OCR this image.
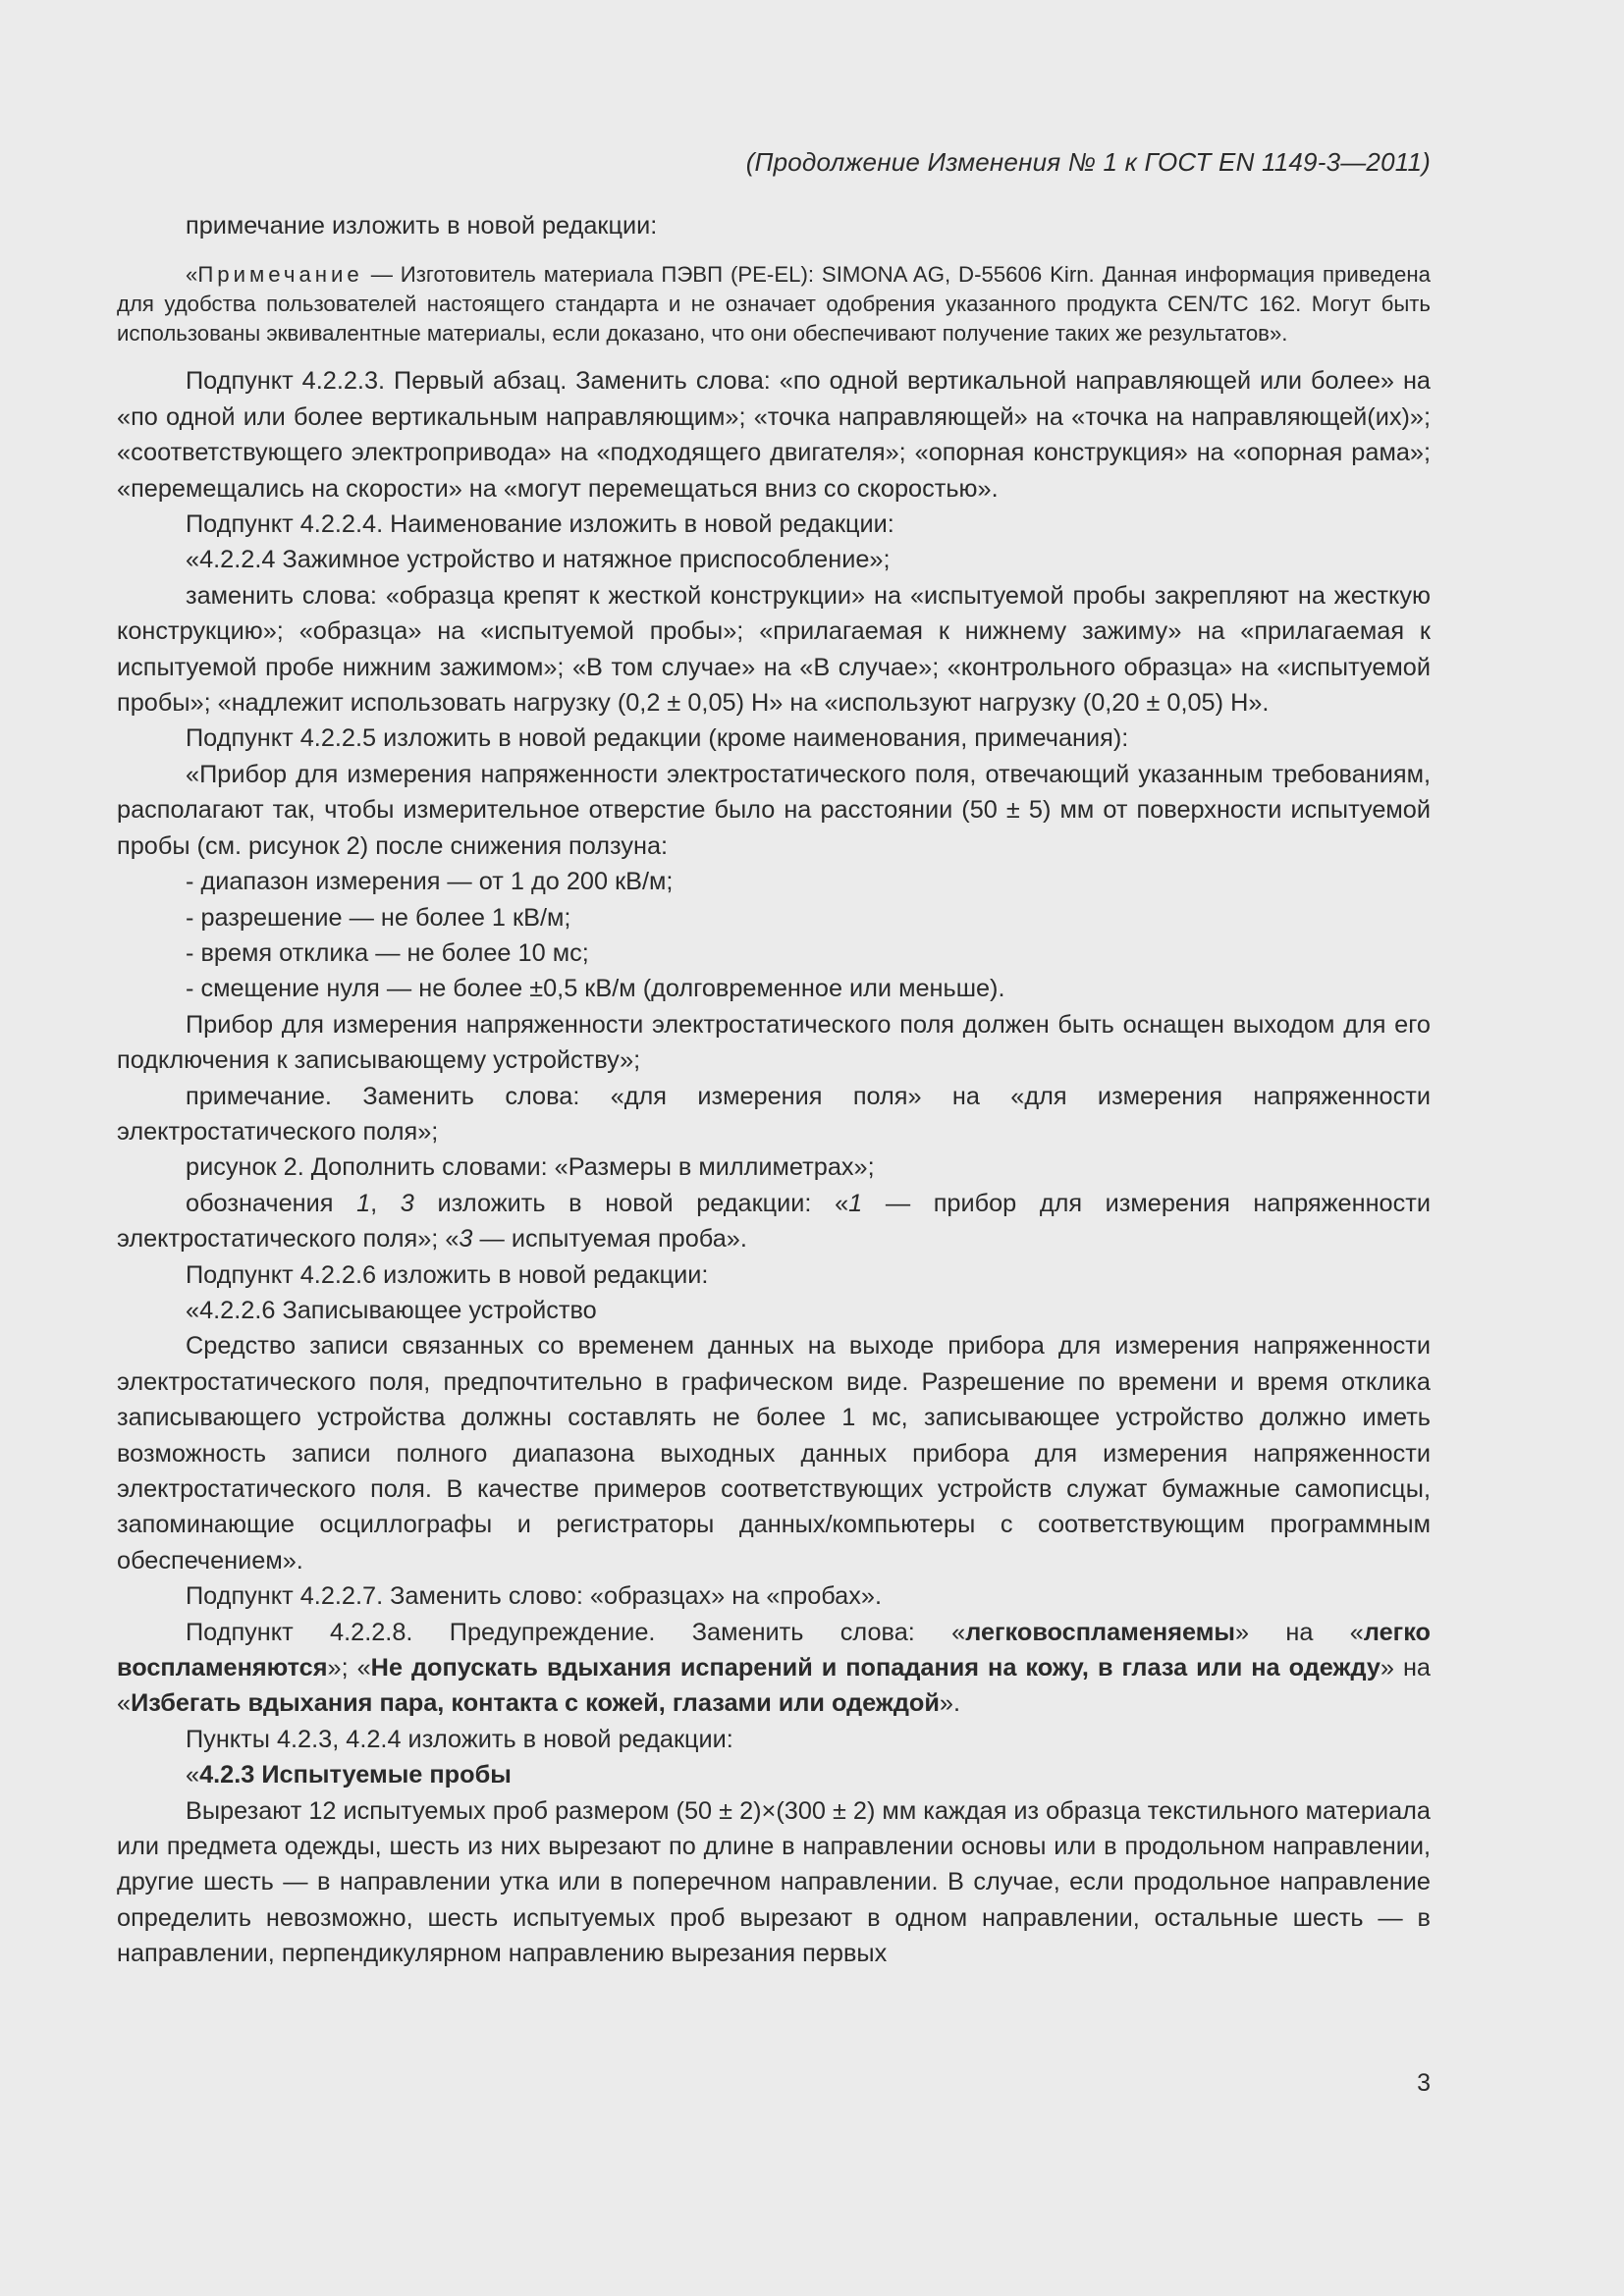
(Продолжение Изменения № 1 к ГОСТ EN 1149-3—2011)

примечание изложить в новой редакции:

«Примечание — Изготовитель материала ПЭВП (PE-EL): SIMONA AG, D-55606 Kirn. Данная информация приведена для удобства пользователей настоящего стандарта и не означает одобрения указанного продукта CEN/TC 162. Могут быть использованы эквивалентные материалы, если доказано, что они обеспечивают получение таких же результатов».

Подпункт 4.2.2.3. Первый абзац. Заменить слова: «по одной вертикальной направляющей или более» на «по одной или более вертикальным направляющим»; «точка направляющей» на «точка на направляющей(их)»; «соответствующего электропривода» на «подходящего двигателя»; «опорная конструкция» на «опорная рама»; «перемещались на скорости» на «могут перемещаться вниз со скоростью».

Подпункт 4.2.2.4. Наименование изложить в новой редакции:

«4.2.2.4 Зажимное устройство и натяжное приспособление»;

заменить слова: «образца крепят к жесткой конструкции» на «испытуемой пробы закрепляют на жесткую конструкцию»; «образца» на «испытуемой пробы»; «прилагаемая к нижнему зажиму» на «прилагаемая к испытуемой пробе нижним зажимом»; «В том случае» на «В случае»; «контрольного образца» на «испытуемой пробы»; «надлежит использовать нагрузку (0,2 ± 0,05) Н» на «используют нагрузку (0,20 ± 0,05) Н».

Подпункт 4.2.2.5 изложить в новой редакции (кроме наименования, примечания):

«Прибор для измерения напряженности электростатического поля, отвечающий указанным требованиям, располагают так, чтобы измерительное отверстие было на расстоянии (50 ± 5) мм от поверхности испытуемой пробы (см. рисунок 2) после снижения ползуна:

- диапазон измерения — от 1 до 200 кВ/м;

- разрешение — не более 1 кВ/м;

- время отклика — не более 10 мс;

- смещение нуля — не более ±0,5 кВ/м (долговременное или меньше).

Прибор для измерения напряженности электростатического поля должен быть оснащен выходом для его подключения к записывающему устройству»;

примечание. Заменить слова: «для измерения поля» на «для измерения напряженности электростатического поля»;

рисунок 2. Дополнить словами: «Размеры в миллиметрах»;

обозначения 1, 3 изложить в новой редакции: «1 — прибор для измерения напряженности электростатического поля»; «3 — испытуемая проба».

Подпункт 4.2.2.6 изложить в новой редакции:

«4.2.2.6 Записывающее устройство

Средство записи связанных со временем данных на выходе прибора для измерения напряженности электростатического поля, предпочтительно в графическом виде. Разрешение по времени и время отклика записывающего устройства должны составлять не более 1 мс, записывающее устройство должно иметь возможность записи полного диапазона выходных данных прибора для измерения напряженности электростатического поля. В качестве примеров соответствующих устройств служат бумажные самописцы, запоминающие осциллографы и регистраторы данных/компьютеры с соответствующим программным обеспечением».

Подпункт 4.2.2.7. Заменить слово: «образцах» на «пробах».

Подпункт 4.2.2.8. Предупреждение. Заменить слова: «легковоспламеняемы» на «легко воспламеняются»; «Не допускать вдыхания испарений и попадания на кожу, в глаза или на одежду» на «Избегать вдыхания пара, контакта с кожей, глазами или одеждой».

Пункты 4.2.3, 4.2.4 изложить в новой редакции:

«4.2.3 Испытуемые пробы

Вырезают 12 испытуемых проб размером (50 ± 2)×(300 ± 2) мм каждая из образца текстильного материала или предмета одежды, шесть из них вырезают по длине в направлении основы или в продольном направлении, другие шесть — в направлении утка или в поперечном направлении. В случае, если продольное направление определить невозможно, шесть испытуемых проб вырезают в одном направлении, остальные шесть — в направлении, перпендикулярном направлению вырезания первых

3
